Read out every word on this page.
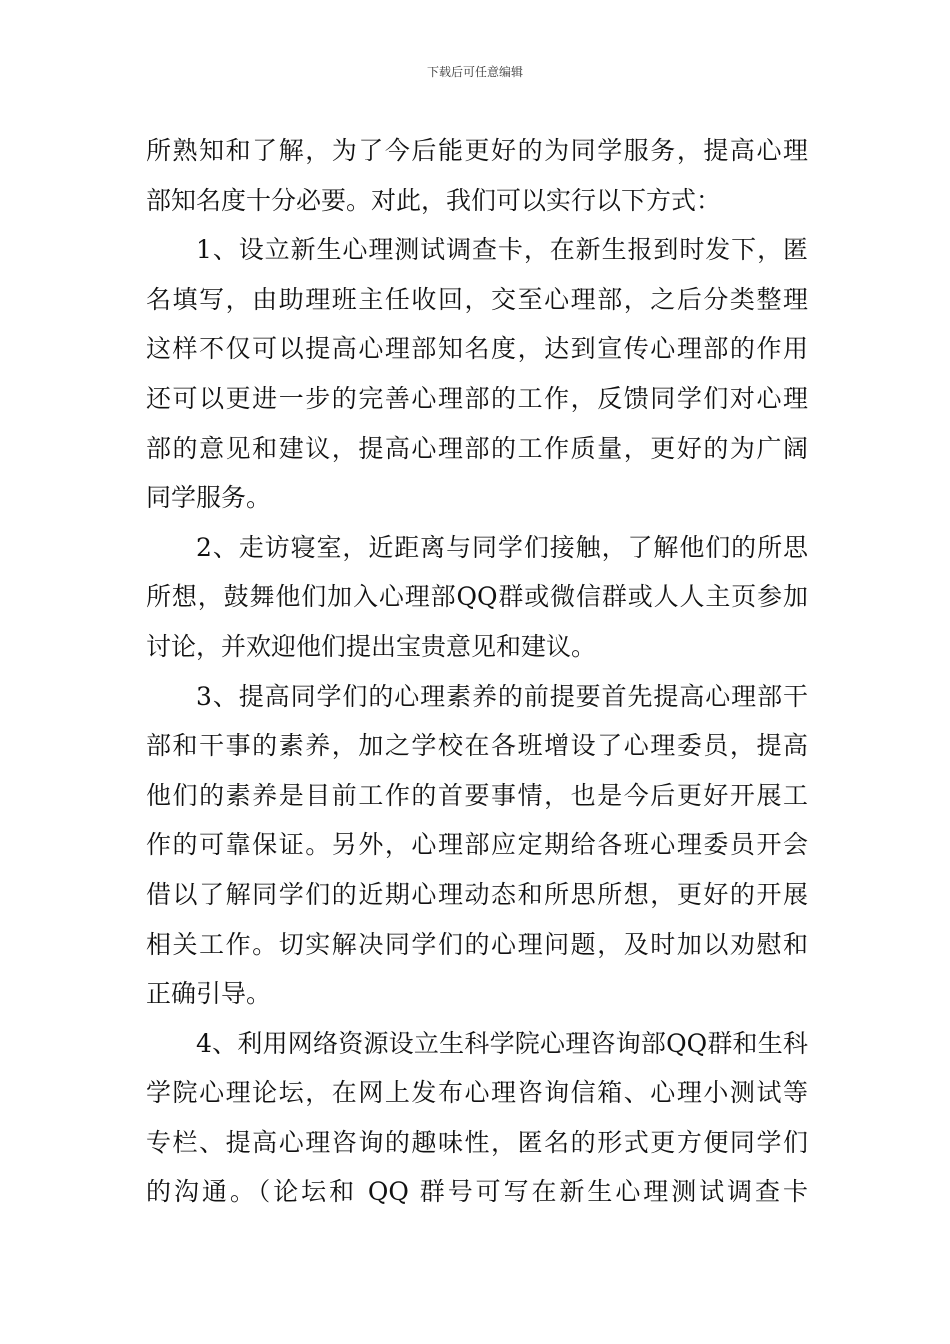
下载后可任意编辑
所熟知和了解，为了今后能更好的为同学服务，提高心理
部知名度十分必要。对此，我们可以实行以下方式：
1、设立新生心理测试调查卡，在新生报到时发下，匿
名填写，由助理班主任收回，交至心理部，之后分类整理
这样不仅可以提高心理部知名度，达到宣传心理部的作用
还可以更进一步的完善心理部的工作，反馈同学们对心理
部的意见和建议，提高心理部的工作质量，更好的为广阔
同学服务。
2、走访寝室，近距离与同学们接触，了解他们的所思
所想，鼓舞他们加入心理部QQ群或微信群或人人主页参加
讨论，并欢迎他们提出宝贵意见和建议。
3、提高同学们的心理素养的前提要首先提高心理部干
部和干事的素养，加之学校在各班增设了心理委员，提高
他们的素养是目前工作的首要事情，也是今后更好开展工
作的可靠保证。另外，心理部应定期给各班心理委员开会
借以了解同学们的近期心理动态和所思所想，更好的开展
相关工作。切实解决同学们的心理问题，及时加以劝慰和
正确引导。
4、利用网络资源设立生科学院心理咨询部QQ群和生科
学院心理论坛，在网上发布心理咨询信箱、心理小测试等
专栏、提高心理咨询的趣味性，匿名的形式更方便同学们
的沟通。（论坛和 QQ 群号可写在新生心理测试调查卡
